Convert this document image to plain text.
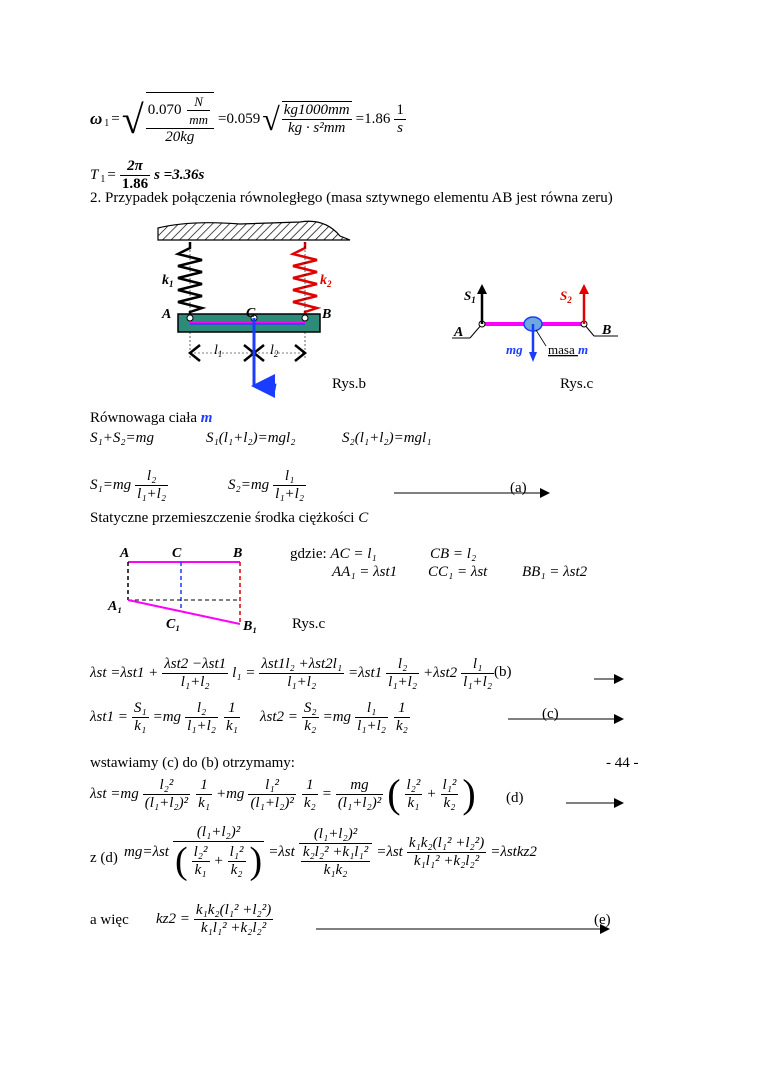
$\omega_1$ = √ $\frac{0.070 \frac{N}{mm}}{20kg} =0.059$ √ $\frac{kg1000mm}{\text{kg · s²mm}} =1.86 \frac{1}{s}$
$T_1 = \frac{2\pi}{1.86}$ s =3.36s
2. Przypadek połączenia równoległego (masa sztywnego elementu AB jest równa zeru)
$k_1$	$k_2$
A	B
C
$l_1$	$l_2$
mg	Rys.b
$S_1$	$S_2$
A	B
mg masa m
Rys.c
Równowaga ciała m
S₁+S₂=mg	S₁(l₁+l₂)=mgl₂	S₂(l₁+l₂)=mgl₁
$S_1=mg \frac{\text{l₂}}{\text{l₁+l₂}}$	$S_2=mg \frac{\text{l₁}}{\text{l₁+l₂}}$	(a)
Statyczne przemieszczenie środka ciężkości C
A	C	B
A₁
C₁	B₁ Rys.c
gdzie: AC = l₁	CB = l₂
AA₁ = λst1 CC₁ = λst BB₁ = λst2
$\lambda st =\lambda st1 + \frac{\text{λst2 −λst1}}{\text{l₁+l₂}} l_1 = \frac{\text{λst1l₂ +λst2l₁}}{\text{l₁+l₂}} =\lambda st1 \frac{\text{l₂}}{\text{l₁+l₂}} +\lambda st2 \frac{\text{l₁}}{\text{l₁+l₂}} (b)$
$\lambda st1 = \frac{\text{S₁}}{\text{k₁}} =mg \frac{\text{l₂}}{\text{l₁+l₂}} \frac{1}{\text{k₁}} \lambda st2 = \frac{\text{S₂}}{\text{k₂}} =mg \frac{\text{l₁}}{\text{l₁+l₂}} \frac{1}{\text{k₂}}$	(c)
wstawiamy (c) do (b) otrzymamy:	- 44 -
$\lambda st =mg \frac{\text{l₂²}}{\text{(l₁+l₂)²}} \frac{1}{\text{k₁}} +mg \frac{\text{l₁²}}{\text{(l₁+l₂)²}} \frac{1}{\text{k₂}} = \frac{mg}{\text{(l₁+l₂)²}}$ ( $\frac{\text{l₂²}}{\text{k₁}} + \frac{\text{l₁²}}{\text{k₂}}$ ) (d)
z (d) $mg=\lambda st \frac{\text{(l₁+l₂)²}}{( \frac{\text{l₂²}}{\text{k₁}} + \frac{\text{l₁²}}{\text{k₂}} )} =\lambda st$ (l₁+l₂)²
k₂l₂² +k₁l₁²
$k_1k_2 =\lambda st \frac{\text{k₁k₂(l₁² +l₂²)}}{\text{k₁l₁² +k₂l₂²}}$ =λstkz2
a więc $kz2 = \frac{\text{k₁k₂(l₁² +l₂²)}}{\text{k₁l₁² +k₂l₂²}}$	(e)
